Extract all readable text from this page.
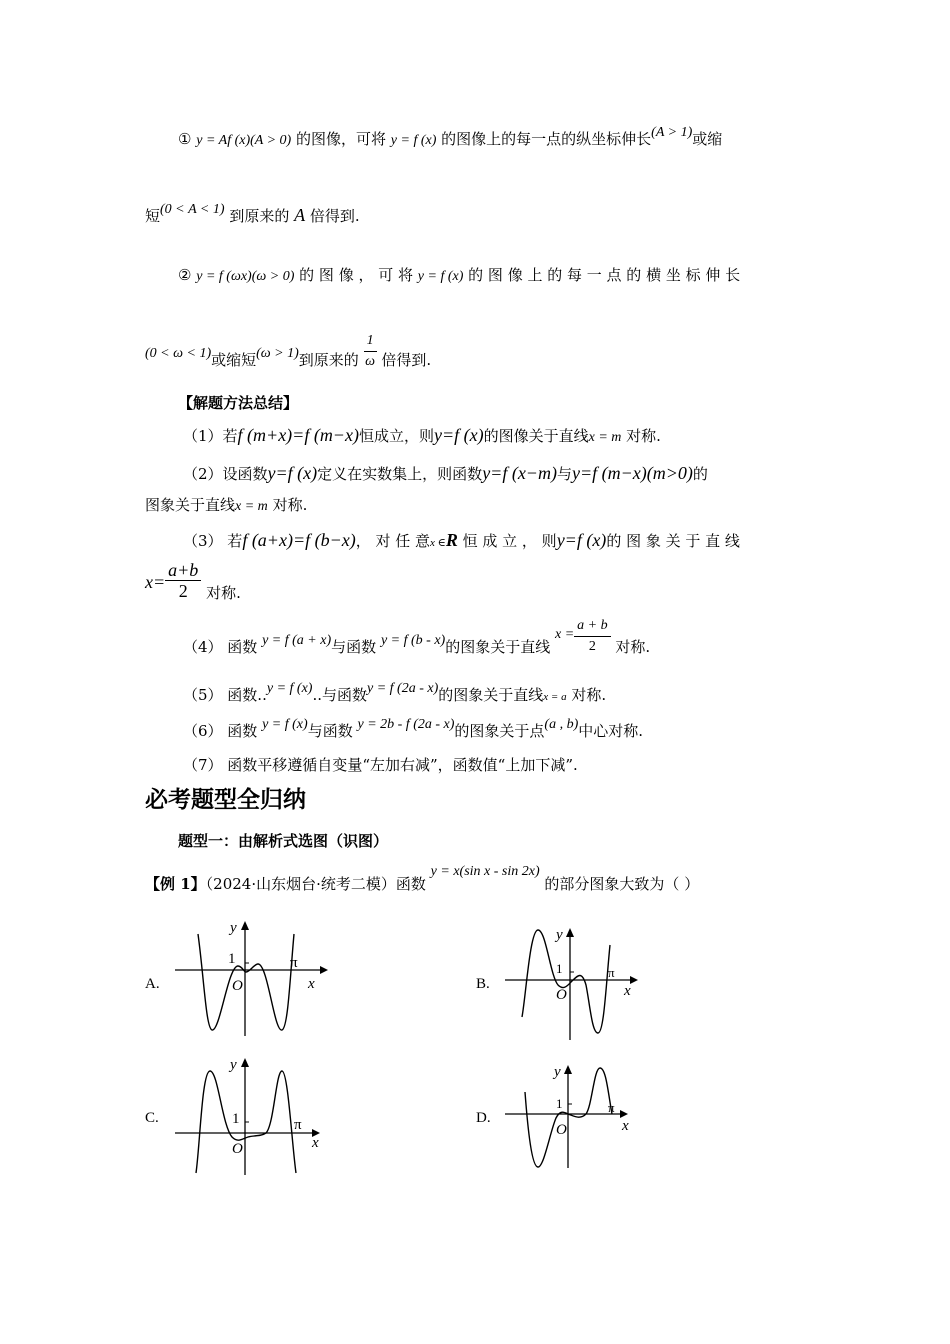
① y = Af (x)(A > 0) 的图像，可将 y = f (x) 的图像上的每一点的纵坐标伸长(A > 1)或缩
短(0 < A < 1) 到原来的 A 倍得到.
② y = f (ωx)(ω > 0) 的 图 像 ， 可 将 y = f (x) 的 图 像 上 的 每 一 点 的 横 坐 标 伸 长
(0 < ω < 1)或缩短(ω > 1)到原来的 $\frac{1}{\omega}$ 倍得到.
【解题方法总结】
（1）若f (m+x)=f (m−x)恒成立，则y=f (x)的图像关于直线x = m 对称.
（2）设函数y=f (x)定义在实数集上，则函数y=f (x−m)与y=f (m−x)(m>0)的
图象关于直线x = m 对称.
（3） 若f (a+x)=f (b−x)， 对 任 意x ∈R 恒 成 立 ， 则y=f (x)的 图 象 关 于 直 线
$x= \frac{a+b}{2}$ 对称.
（4） 函数 y = f (a + x)与函数 y = f (b - x)的图象关于直线 $x = \frac{a + b}{2}$ 对称.
（5） 函数..y = f (x)..与函数y = f (2a - x)的图象关于直线x = a 对称.
（6） 函数 y = f (x)与函数 y = 2b - f (2a - x)的图象关于点(a , b)中心对称.
（7） 函数平移遵循自变量“左加右减”，函数值“上加下减”.
必考题型全归纳
题型一：由解析式选图（识图）
【例 1】（2024·山东烟台·统考二模）函数 y = x(sin x - sin 2x) 的部分图象大致为（ ）
A.	B.
C.	D.
1
O
y
x
π	1
O
y
x
π
1
O
y
x
π
1
O
y
x
π
